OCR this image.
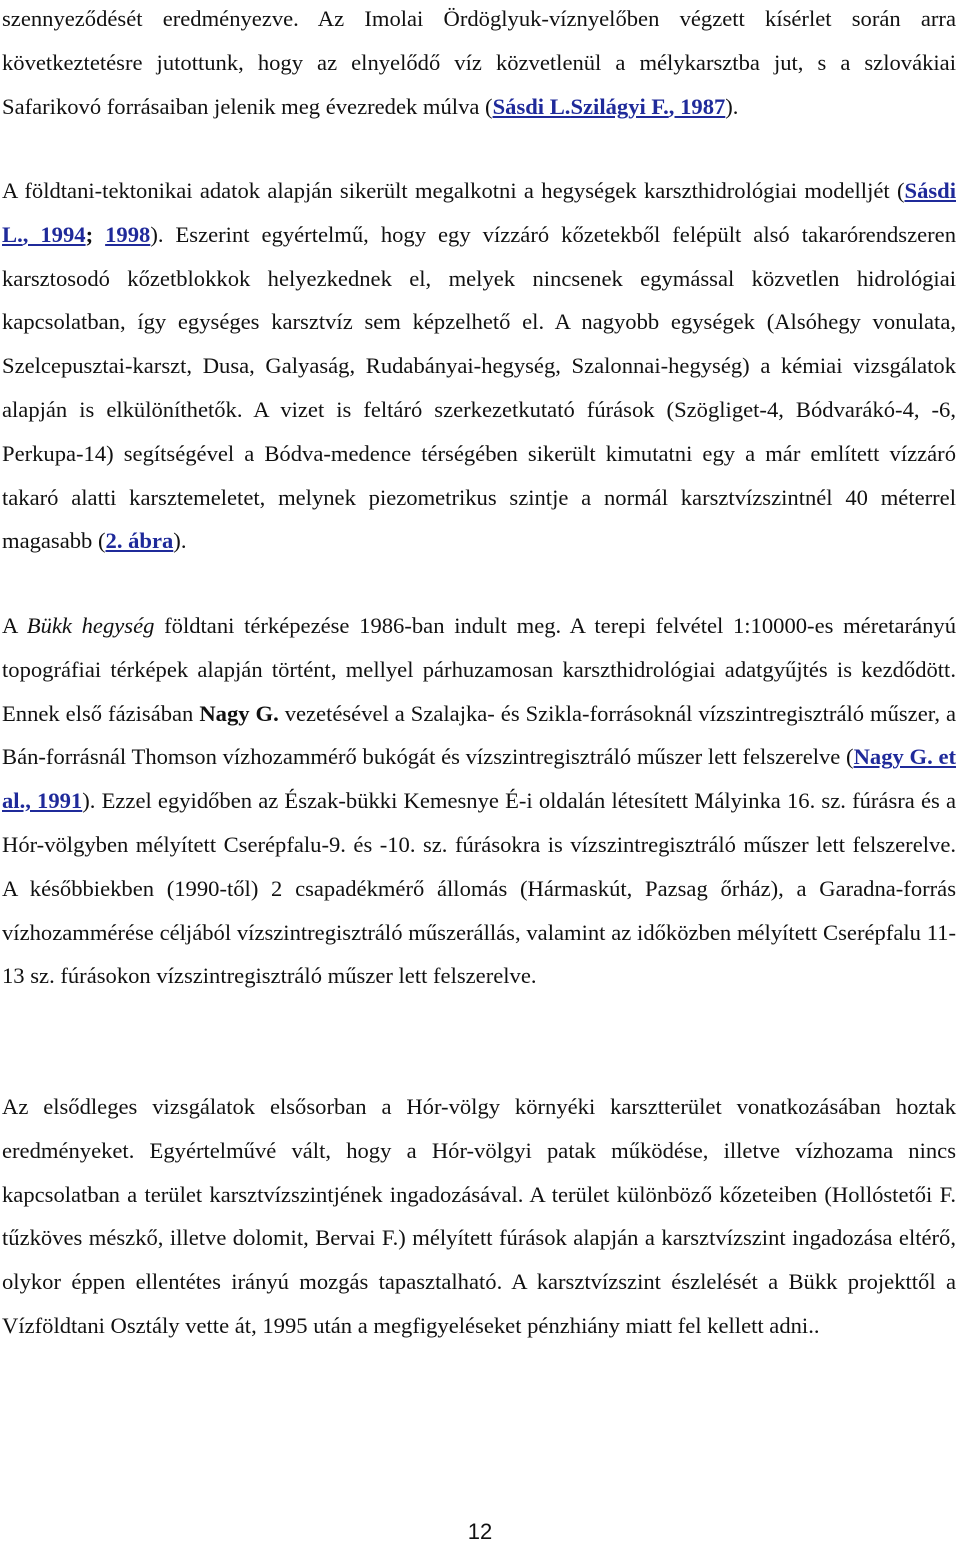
szennyeződését eredményezve. Az Imolai Ördöglyuk-víznyelőben végzett kísérlet során arra következtetésre jutottunk, hogy az elnyelődő víz közvetlenül a mélykarsztba jut, s a szlovákiai Safarikovó forrásaiban jelenik meg évezredek múlva (Sásdi L.Szilágyi F., 1987).

A földtani-tektonikai adatok alapján sikerült megalkotni a hegységek karszthidrológiai modelljét (Sásdi L., 1994; 1998). Eszerint egyértelmű, hogy egy vízzáró kőzetekből felépült alsó takarórendszeren karsztosodó kőzetblokkok helyezkednek el, melyek nincsenek egymással közvetlen hidrológiai kapcsolatban, így egységes karsztvíz sem képzelhető el. A nagyobb egységek (Alsóhegy vonulata, Szelcepusztai-karszt, Dusa, Galyaság, Rudabányai-hegység, Szalonnai-hegység) a kémiai vizsgálatok alapján is elkülöníthetők. A vizet is feltáró szerkezetkutató fúrások (Szögliget-4, Bódvarákó-4, -6, Perkupa-14) segítségével a Bódva-medence térségében sikerült kimutatni egy a már említett vízzáró takaró alatti karsztemeletet, melynek piezometrikus szintje a normál karsztvízszintnél 40 méterrel magasabb (2. ábra).

A Bükk hegység földtani térképezése 1986-ban indult meg. A terepi felvétel 1:10000-es méretarányú topográfiai térképek alapján történt, mellyel párhuzamosan karszthidrológiai adatgyűjtés is kezdődött. Ennek első fázisában Nagy G. vezetésével a Szalajka- és Szikla-forrásoknál vízszintregisztráló műszer, a Bán-forrásnál Thomson vízhozammérő bukógát és vízszintregisztráló műszer lett felszerelve (Nagy G. et al., 1991). Ezzel egyidőben az Észak-bükki Kemesnye É-i oldalán létesített Mályinka 16. sz. fúrásra és a Hór-völgyben mélyített Cserépfalu-9. és -10. sz. fúrásokra is vízszintregisztráló műszer lett felszerelve. A későbbiekben (1990-től) 2 csapadékmérő állomás (Hármaskút, Pazsag őrház), a Garadna-forrás vízhozammérése céljából vízszintregisztráló műszerállás, valamint az időközben mélyített Cserépfalu 11-13 sz. fúrásokon vízszintregisztráló műszer lett felszerelve.

Az elsődleges vizsgálatok elsősorban a Hór-völgy környéki karsztterület vonatkozásában hoztak eredményeket. Egyértelművé vált, hogy a Hór-völgyi patak működése, illetve vízhozama nincs kapcsolatban a terület karsztvízszintjének ingadozásával. A terület különböző kőzeteiben (Hollóstetői F. tűzköves mészkő, illetve dolomit, Bervai F.) mélyített fúrások alapján a karsztvízszint ingadozása eltérő, olykor éppen ellentétes irányú mozgás tapasztalható. A karsztvízszint észlelését a Bükk projekttől a Vízföldtani Osztály vette át, 1995 után a megfigyeléseket pénzhiány miatt fel kellett adni..

12
